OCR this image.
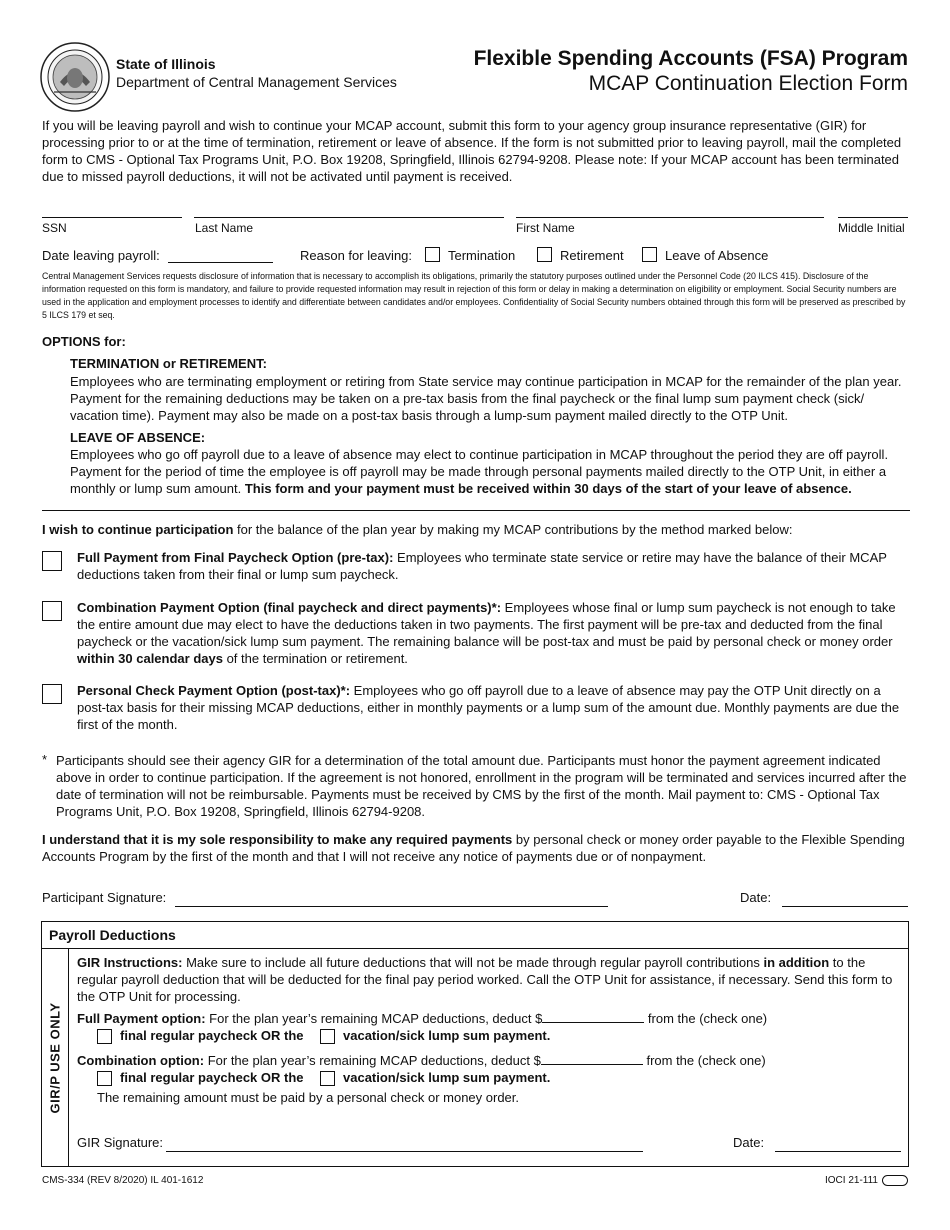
State of Illinois
Department of Central Management Services
Flexible Spending Accounts (FSA) Program
MCAP Continuation Election Form
If you will be leaving payroll and wish to continue your MCAP account, submit this form to your agency group insurance representative (GIR) for processing prior to or at the time of termination, retirement or leave of absence. If the form is not submitted prior to leaving payroll, mail the completed form to CMS - Optional Tax Programs Unit, P.O. Box 19208, Springfield, Illinois 62794-9208. Please note: If your MCAP account has been terminated due to missed payroll deductions, it will not be activated until payment is received.
SSN	Last Name	First Name	Middle Initial
Date leaving payroll:	Reason for leaving:	Termination	Retirement	Leave of Absence
Central Management Services requests disclosure of information that is necessary to accomplish its obligations, primarily the statutory purposes outlined under the Personnel Code (20 ILCS 415). Disclosure of the information requested on this form is mandatory, and failure to provide requested information may result in rejection of this form or delay in making a determination on eligibility or employment. Social Security numbers are used in the application and employment processes to identify and differentiate between candidates and/or employees. Confidentiality of Social Security numbers obtained through this form will be preserved as prescribed by 5 ILCS 179 et seq.
OPTIONS for:
TERMINATION or RETIREMENT:
Employees who are terminating employment or retiring from State service may continue participation in MCAP for the remainder of the plan year. Payment for the remaining deductions may be taken on a pre-tax basis from the final paycheck or the final lump sum payment check (sick/ vacation time). Payment may also be made on a post-tax basis through a lump-sum payment mailed directly to the OTP Unit.
LEAVE OF ABSENCE:
Employees who go off payroll due to a leave of absence may elect to continue participation in MCAP throughout the period they are off payroll. Payment for the period of time the employee is off payroll may be made through personal payments mailed directly to the OTP Unit, in either a monthly or lump sum amount. This form and your payment must be received within 30 days of the start of your leave of absence.
I wish to continue participation for the balance of the plan year by making my MCAP contributions by the method marked below:
Full Payment from Final Paycheck Option (pre-tax): Employees who terminate state service or retire may have the balance of their MCAP deductions taken from their final or lump sum paycheck.
Combination Payment Option (final paycheck and direct payments)*: Employees whose final or lump sum paycheck is not enough to take the entire amount due may elect to have the deductions taken in two payments. The first payment will be pre-tax and deducted from the final paycheck or the vacation/sick lump sum payment. The remaining balance will be post-tax and must be paid by personal check or money order within 30 calendar days of the termination or retirement.
Personal Check Payment Option (post-tax)*: Employees who go off payroll due to a leave of absence may pay the OTP Unit directly on a post-tax basis for their missing MCAP deductions, either in monthly payments or a lump sum of the amount due. Monthly payments are due the first of the month.
* Participants should see their agency GIR for a determination of the total amount due. Participants must honor the payment agreement indicated above in order to continue participation. If the agreement is not honored, enrollment in the program will be terminated and services incurred after the date of termination will not be reimbursable. Payments must be received by CMS by the first of the month. Mail payment to: CMS - Optional Tax Programs Unit, P.O. Box 19208, Springfield, Illinois 62794-9208.
I understand that it is my sole responsibility to make any required payments by personal check or money order payable to the Flexible Spending Accounts Program by the first of the month and that I will not receive any notice of payments due or of nonpayment.
Participant Signature:	Date:
Payroll Deductions
GIR/P USE ONLY
GIR Instructions: Make sure to include all future deductions that will not be made through regular payroll contributions in addition to the regular payroll deduction that will be deducted for the final pay period worked. Call the OTP Unit for assistance, if necessary. Send this form to the OTP Unit for processing.
Full Payment option: For the plan year’s remaining MCAP deductions, deduct $	from the (check one)
final regular paycheck OR the	vacation/sick lump sum payment.
Combination option: For the plan year’s remaining MCAP deductions, deduct $	from the (check one)
final regular paycheck OR the	vacation/sick lump sum payment.
The remaining amount must be paid by a personal check or money order.
GIR Signature:	Date:
CMS-334 (REV 8/2020) IL 401-1612	IOCI 21-111
